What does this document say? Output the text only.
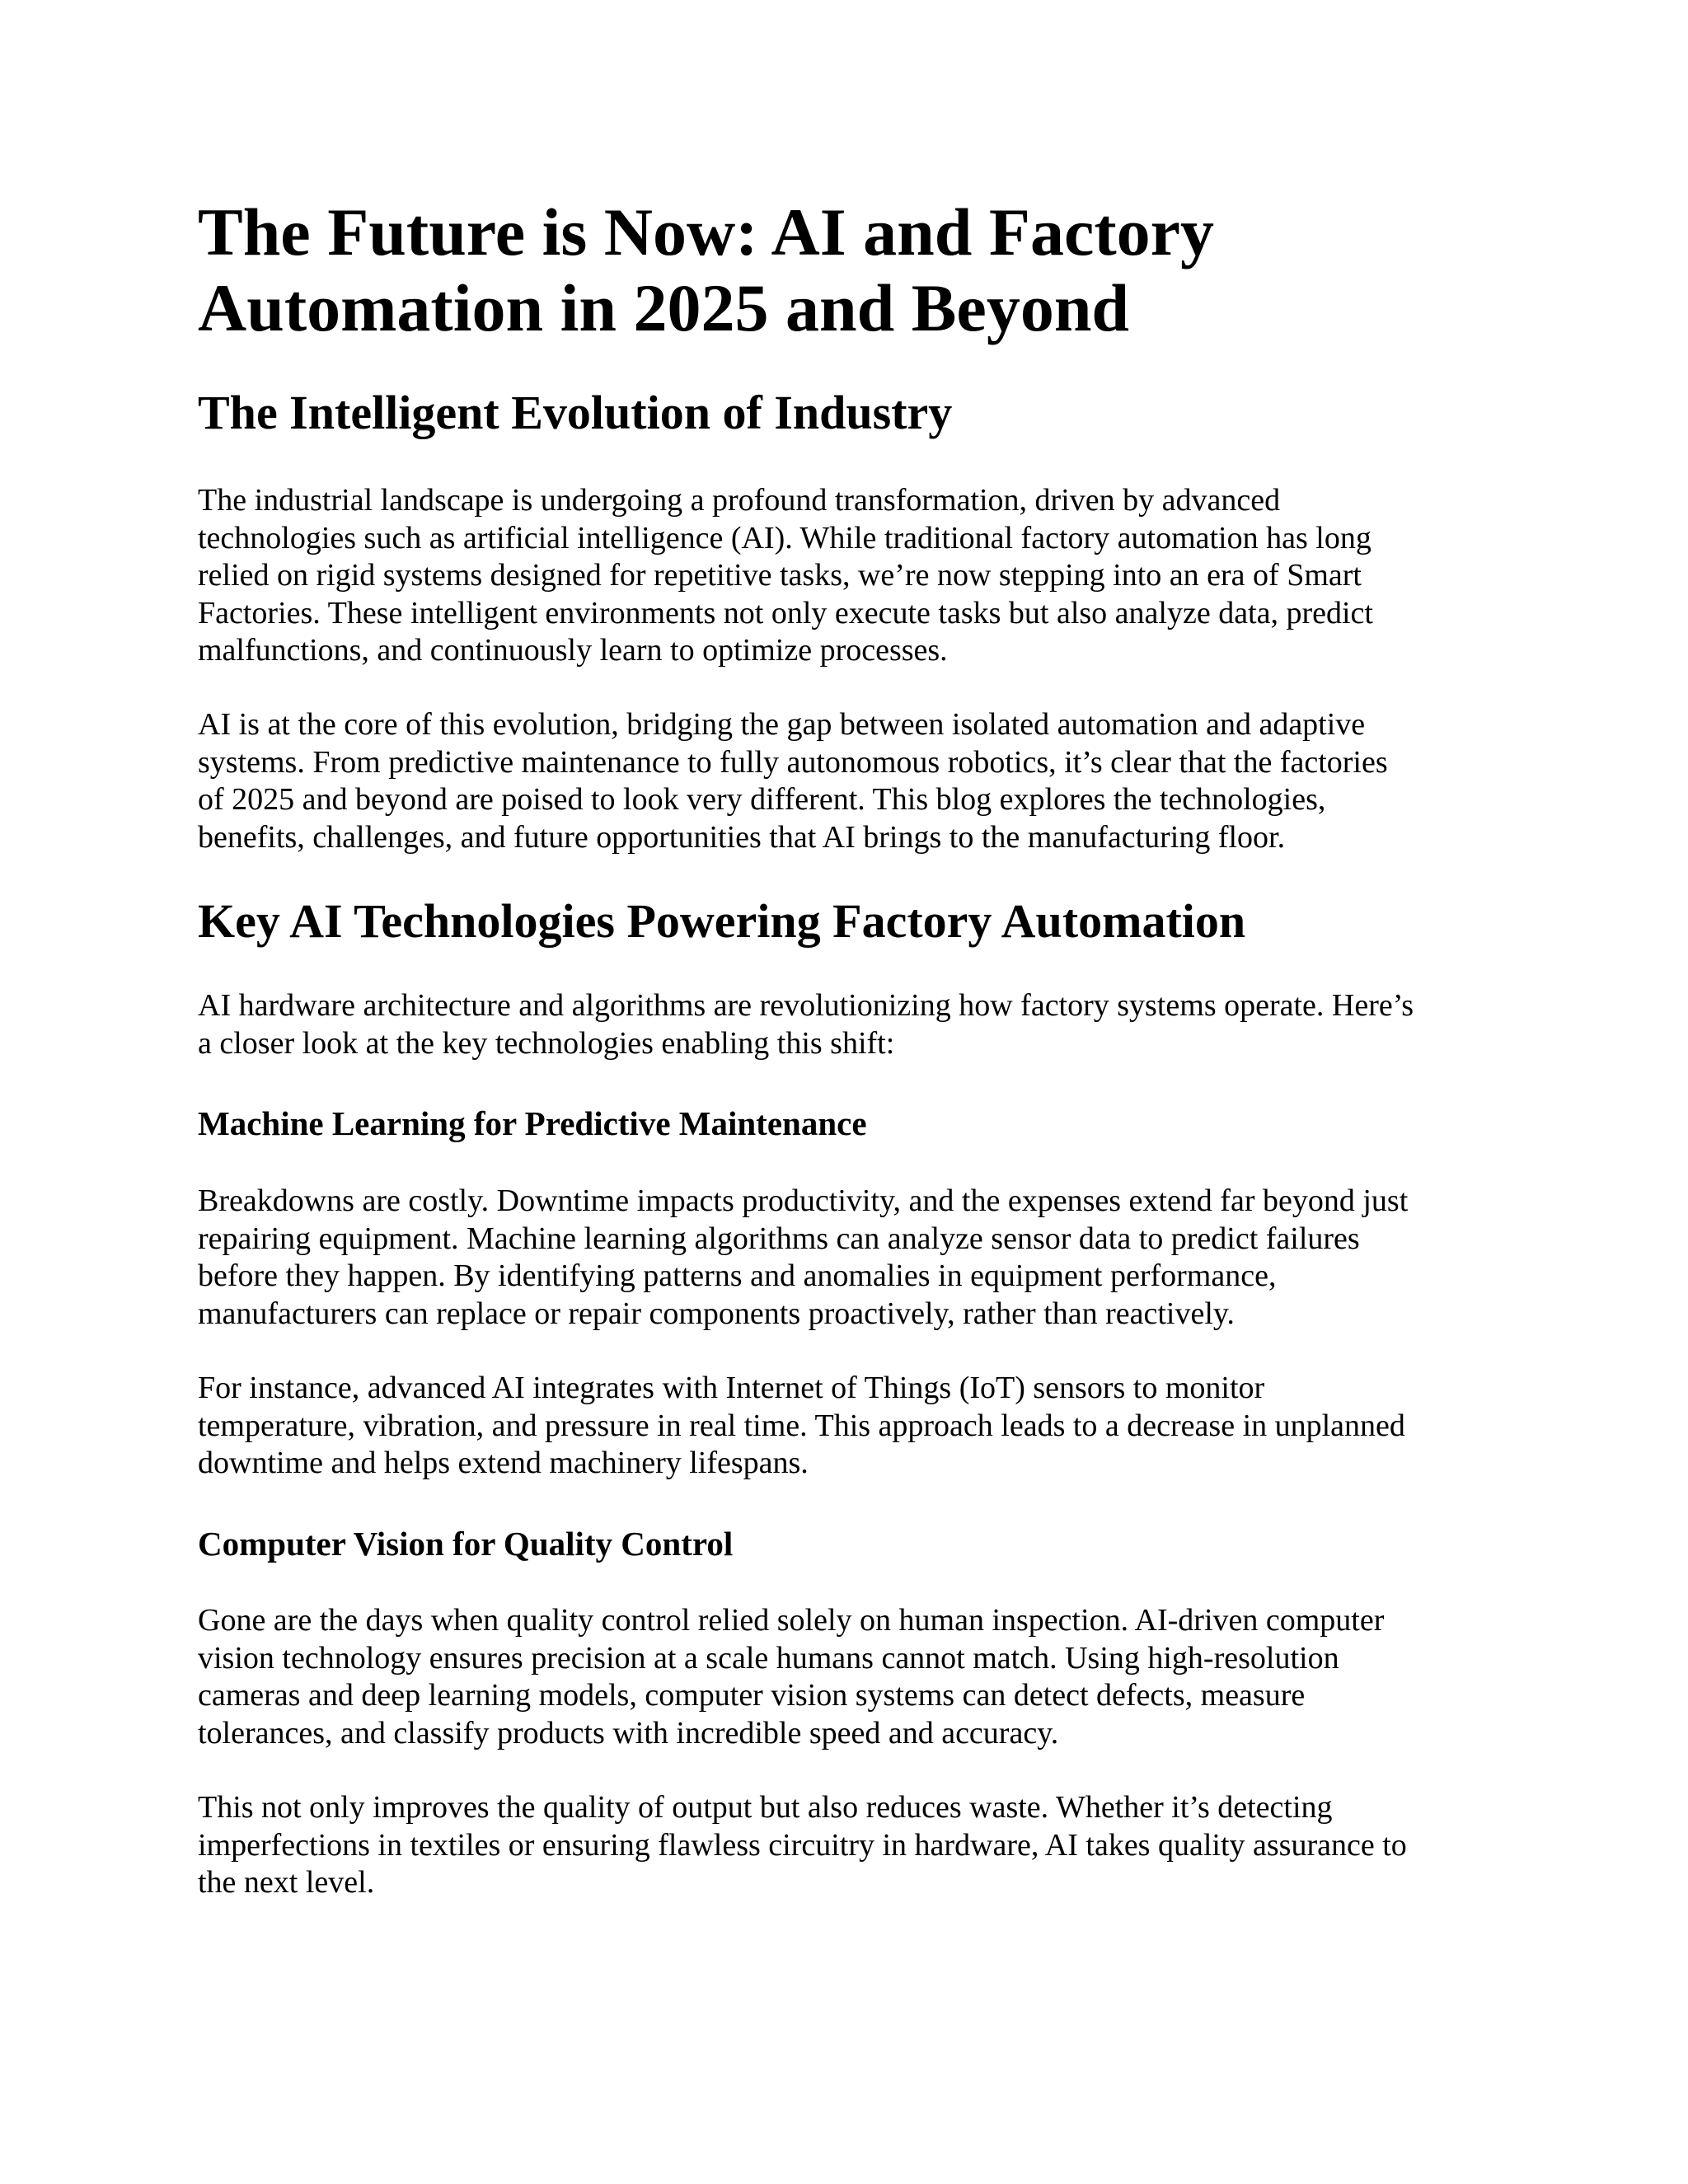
The Future is Now: AI and Factory
Automation in 2025 and Beyond
The Intelligent Evolution of Industry

The industrial landscape is undergoing a profound transformation, driven by advanced
technologies such as artificial intelligence (AI). While traditional factory automation has long
relied on rigid systems designed for repetitive tasks, we’re now stepping into an era of Smart
Factories. These intelligent environments not only execute tasks but also analyze data, predict
malfunctions, and continuously learn to optimize processes.

AI is at the core of this evolution, bridging the gap between isolated automation and adaptive
systems. From predictive maintenance to fully autonomous robotics, it’s clear that the factories
of 2025 and beyond are poised to look very different. This blog explores the technologies,
benefits, challenges, and future opportunities that AI brings to the manufacturing floor.

Key AI Technologies Powering Factory Automation

AI hardware architecture and algorithms are revolutionizing how factory systems operate. Here’s
a closer look at the key technologies enabling this shift:

Machine Learning for Predictive Maintenance

Breakdowns are costly. Downtime impacts productivity, and the expenses extend far beyond just
repairing equipment. Machine learning algorithms can analyze sensor data to predict failures
before they happen. By identifying patterns and anomalies in equipment performance,
manufacturers can replace or repair components proactively, rather than reactively.

For instance, advanced AI integrates with Internet of Things (IoT) sensors to monitor
temperature, vibration, and pressure in real time. This approach leads to a decrease in unplanned
downtime and helps extend machinery lifespans.

Computer Vision for Quality Control

Gone are the days when quality control relied solely on human inspection. AI-driven computer
vision technology ensures precision at a scale humans cannot match. Using high-resolution
cameras and deep learning models, computer vision systems can detect defects, measure
tolerances, and classify products with incredible speed and accuracy.

This not only improves the quality of output but also reduces waste. Whether it’s detecting
imperfections in textiles or ensuring flawless circuitry in hardware, AI takes quality assurance to
the next level.
